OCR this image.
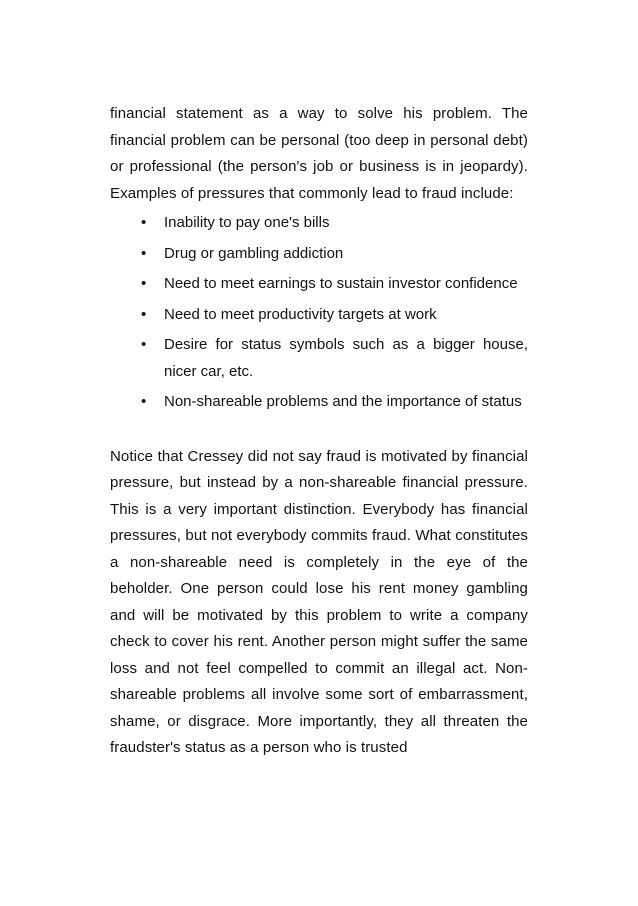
financial statement as a way to solve his problem. The financial problem can be personal (too deep in personal debt) or professional (the person's job or business is in jeopardy). Examples of pressures that commonly lead to fraud include:

• Inability to pay one's bills
• Drug or gambling addiction
• Need to meet earnings to sustain investor confidence
• Need to meet productivity targets at work
• Desire for status symbols such as a bigger house, nicer car, etc.
• Non-shareable problems and the importance of status

Notice that Cressey did not say fraud is motivated by financial pressure, but instead by a non-shareable financial pressure. This is a very important distinction. Everybody has financial pressures, but not everybody commits fraud. What constitutes a non-shareable need is completely in the eye of the beholder. One person could lose his rent money gambling and will be motivated by this problem to write a company check to cover his rent. Another person might suffer the same loss and not feel compelled to commit an illegal act. Non-shareable problems all involve some sort of embarrassment, shame, or disgrace. More importantly, they all threaten the fraudster's status as a person who is trusted
